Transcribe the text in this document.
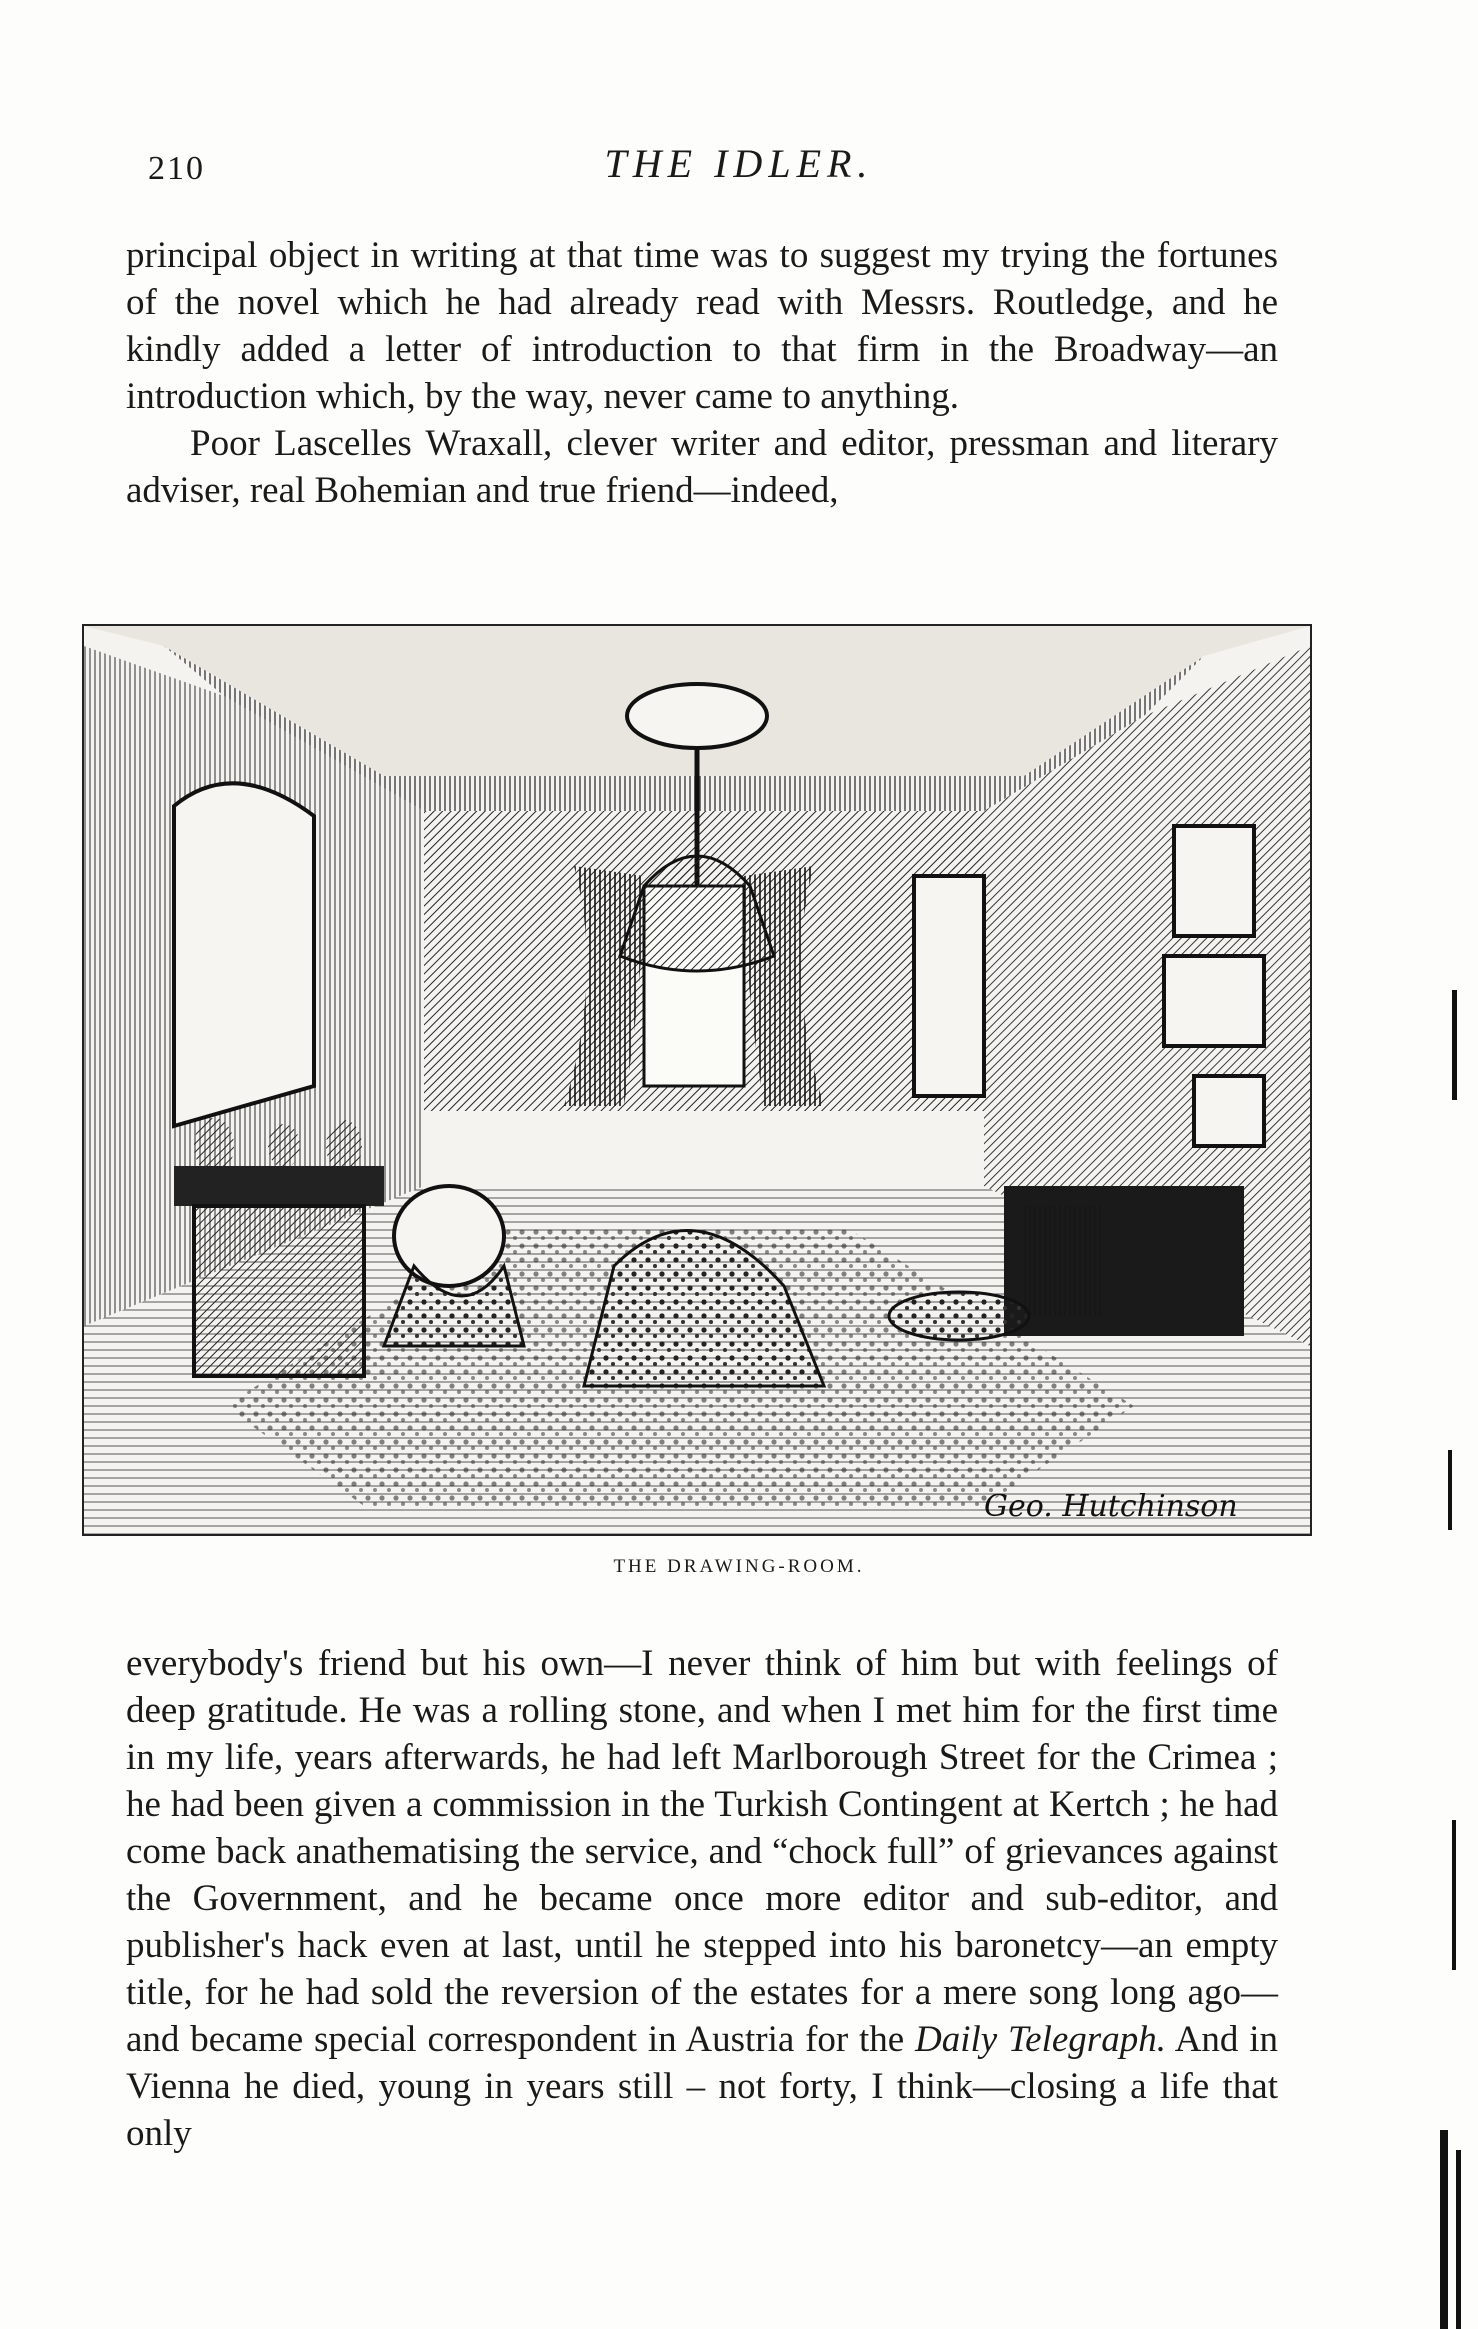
210	THE IDLER.

principal object in writing at that time was to suggest my trying the fortunes of the novel which he had already read with Messrs. Routledge, and he kindly added a letter of introduction to that firm in the Broadway—an introduction which, by the way, never came to anything.

Poor Lascelles Wraxall, clever writer and editor, pressman and literary adviser, real Bohemian and true friend—indeed,

Geo. Hutchinson
THE DRAWING-ROOM.

everybody's friend but his own—I never think of him but with feelings of deep gratitude. He was a rolling stone, and when I met him for the first time in my life, years afterwards, he had left Marlborough Street for the Crimea ; he had been given a commission in the Turkish Contingent at Kertch ; he had come back anathematising the service, and “chock full” of grievances against the Government, and he became once more editor and sub-editor, and publisher's hack even at last, until he stepped into his baronetcy—an empty title, for he had sold the reversion of the estates for a mere song long ago—and became special correspondent in Austria for the Daily Telegraph. And in Vienna he died, young in years still – not forty, I think—closing a life that only
